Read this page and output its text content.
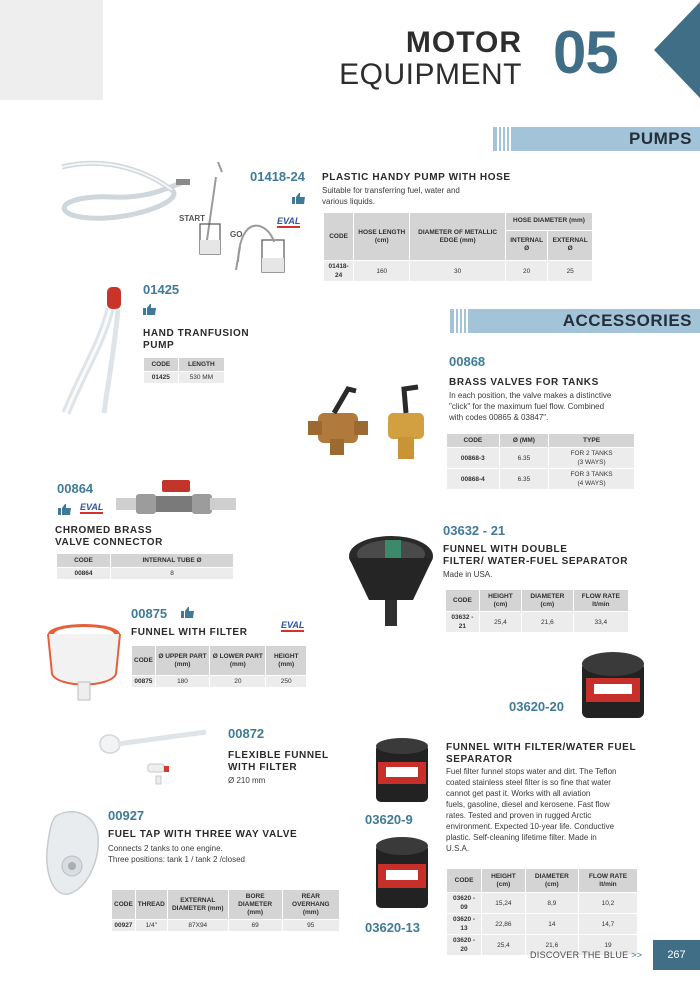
MOTOR
EQUIPMENT 05
PUMPS
ACCESSORIES
START
GO
01418-24
EVAL
PLASTIC HANDY PUMP WITH HOSE
Suitable for transferring fuel, water and
various liquids.
CODE	HOSE LENGTH (cm)	DIAMETER OF METALLIC EDGE (mm)	HOSE DIAMETER (mm)	
			INTERNAL Ø	EXTERNAL Ø
01418-24	160	30	20	25
01425
HAND TRANFUSION
PUMP
CODE	LENGTH
01425	530 MM
00868
BRASS VALVES FOR TANKS
In each position, the valve makes a distinctive
"click" for the maximum fuel flow. Combined
with codes 00865 & 03847".
CODE	Ø (MM)	TYPE
00868-3	6.35	FOR 2 TANKS
(3 WAYS)

00868-4	6.35	FOR 3 TANKS
(4 WAYS)
00864
EVAL
CHROMED BRASS
VALVE CONNECTOR
CODE	INTERNAL TUBE Ø
00864	8
03632 - 21
FUNNEL WITH DOUBLE
FILTER/ WATER-FUEL SEPARATOR
Made in USA.
CODE	HEIGHT (cm)	DIAMETER (cm)	FLOW RATE lt/min
03632 - 21	25,4	21,6	33,4
00875
EVAL
FUNNEL WITH FILTER
CODE	Ø UPPER PART (mm)	Ø LOWER PART (mm)	HEIGHT (mm)
00875	180	20	250
03620-20
FUNNEL WITH FILTER/WATER FUEL
SEPARATOR
Fuel filter funnel stops water and dirt. The Teflon
coated stainless steel filter is so fine that water
cannot get past it. Works with all aviation
fuels, gasoline, diesel and kerosene. Fast flow
rates. Tested and proven in rugged Arctic
environment. Expected 10-year life. Conductive
plastic. Self-cleaning lifetime filter. Made in
U.S.A.
03620-9
03620-13
CODE	HEIGHT (cm)	DIAMETER (cm)	FLOW RATE lt/min
03620 - 09	15,24	8,9	10,2
03620 - 13	22,86	14	14,7
03620 - 20	25,4	21,6	19
00872
FLEXIBLE FUNNEL
WITH FILTER
Ø 210 mm
00927
FUEL TAP WITH THREE WAY VALVE
Connects 2 tanks to one engine.
Three positions: tank 1 / tank 2 /closed
CODE	THREAD	EXTERNAL DIAMETER (mm)	BORE DIAMETER (mm)	REAR OVERHANG (mm)
00927	1/4''	87X94	69	95
DISCOVER THE BLUE >>	267
